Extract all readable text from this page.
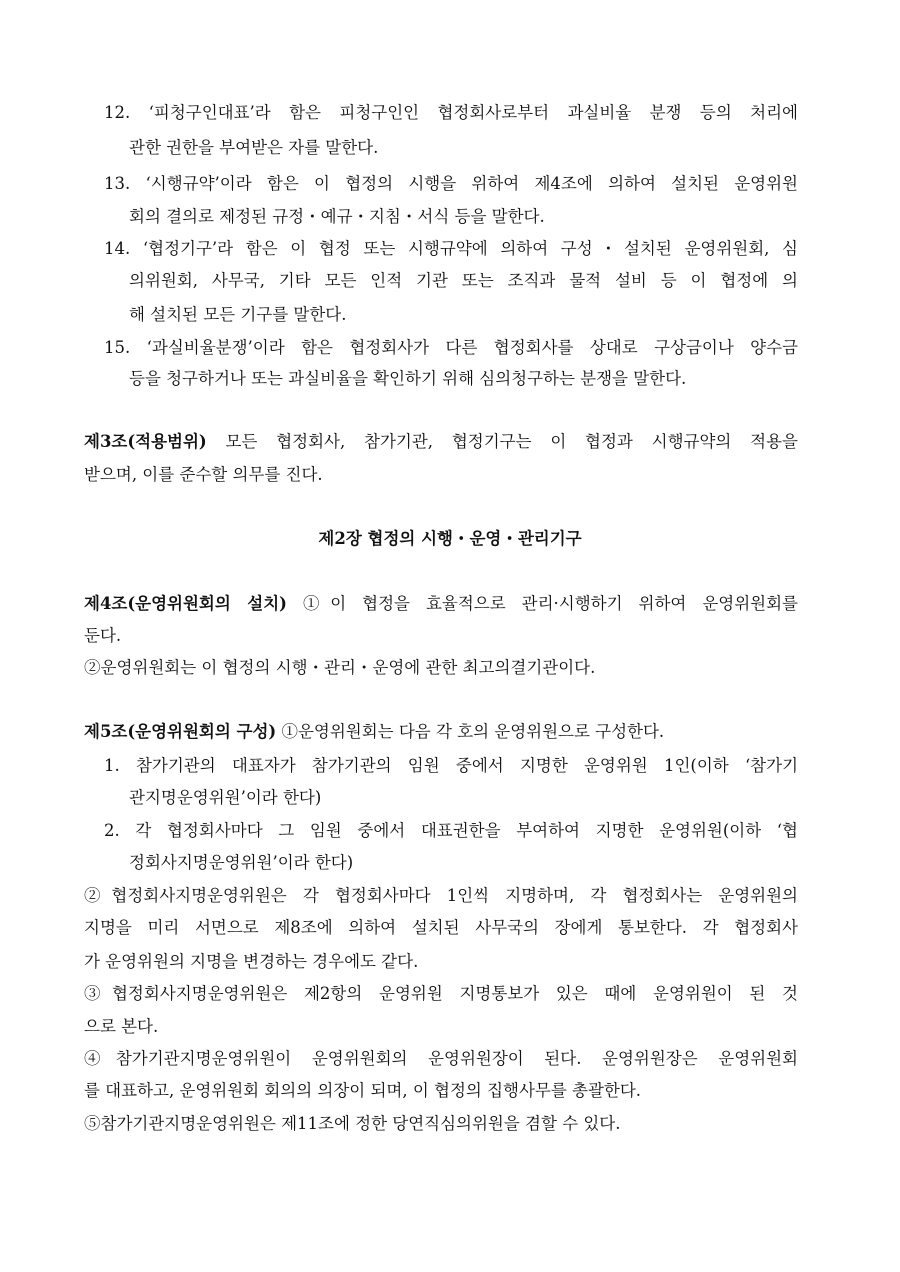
12. ‘피청구인대표’라 함은 피청구인인 협정회사로부터 과실비율 분쟁 등의 처리에
관한 권한을 부여받은 자를 말한다.
13. ‘시행규약’이라 함은 이 협정의 시행을 위하여 제4조에 의하여 설치된 운영위원
회의 결의로 제정된 규정・예규・지침・서식 등을 말한다.
14. ‘협정기구’라 함은 이 협정 또는 시행규약에 의하여 구성・설치된 운영위원회, 심
의위원회, 사무국, 기타 모든 인적 기관 또는 조직과 물적 설비 등 이 협정에 의
해 설치된 모든 기구를 말한다.
15. ‘과실비율분쟁’이라 함은 협정회사가 다른 협정회사를 상대로 구상금이나 양수금
등을 청구하거나 또는 과실비율을 확인하기 위해 심의청구하는 분쟁을 말한다.
제3조(적용범위) 모든 협정회사, 참가기관, 협정기구는 이 협정과 시행규약의 적용을
받으며, 이를 준수할 의무를 진다.
제2장 협정의 시행・운영・관리기구
제4조(운영위원회의 설치) ①이 협정을 효율적으로 관리·시행하기 위하여 운영위원회를
둔다.
②운영위원회는 이 협정의 시행・관리・운영에 관한 최고의결기관이다.
제5조(운영위원회의 구성) ①운영위원회는 다음 각 호의 운영위원으로 구성한다.
1. 참가기관의 대표자가 참가기관의 임원 중에서 지명한 운영위원 1인(이하 ‘참가기
관지명운영위원’이라 한다)
2. 각 협정회사마다 그 임원 중에서 대표권한을 부여하여 지명한 운영위원(이하 ‘협
정회사지명운영위원’이라 한다)
②협정회사지명운영위원은 각 협정회사마다 1인씩 지명하며, 각 협정회사는 운영위원의
지명을 미리 서면으로 제8조에 의하여 설치된 사무국의 장에게 통보한다. 각 협정회사
가 운영위원의 지명을 변경하는 경우에도 같다.
③협정회사지명운영위원은 제2항의 운영위원 지명통보가 있은 때에 운영위원이 된 것
으로 본다.
④참가기관지명운영위원이 운영위원회의 운영위원장이 된다. 운영위원장은 운영위원회
를 대표하고, 운영위원회 회의의 의장이 되며, 이 협정의 집행사무를 총괄한다.
⑤참가기관지명운영위원은 제11조에 정한 당연직심의위원을 겸할 수 있다.
